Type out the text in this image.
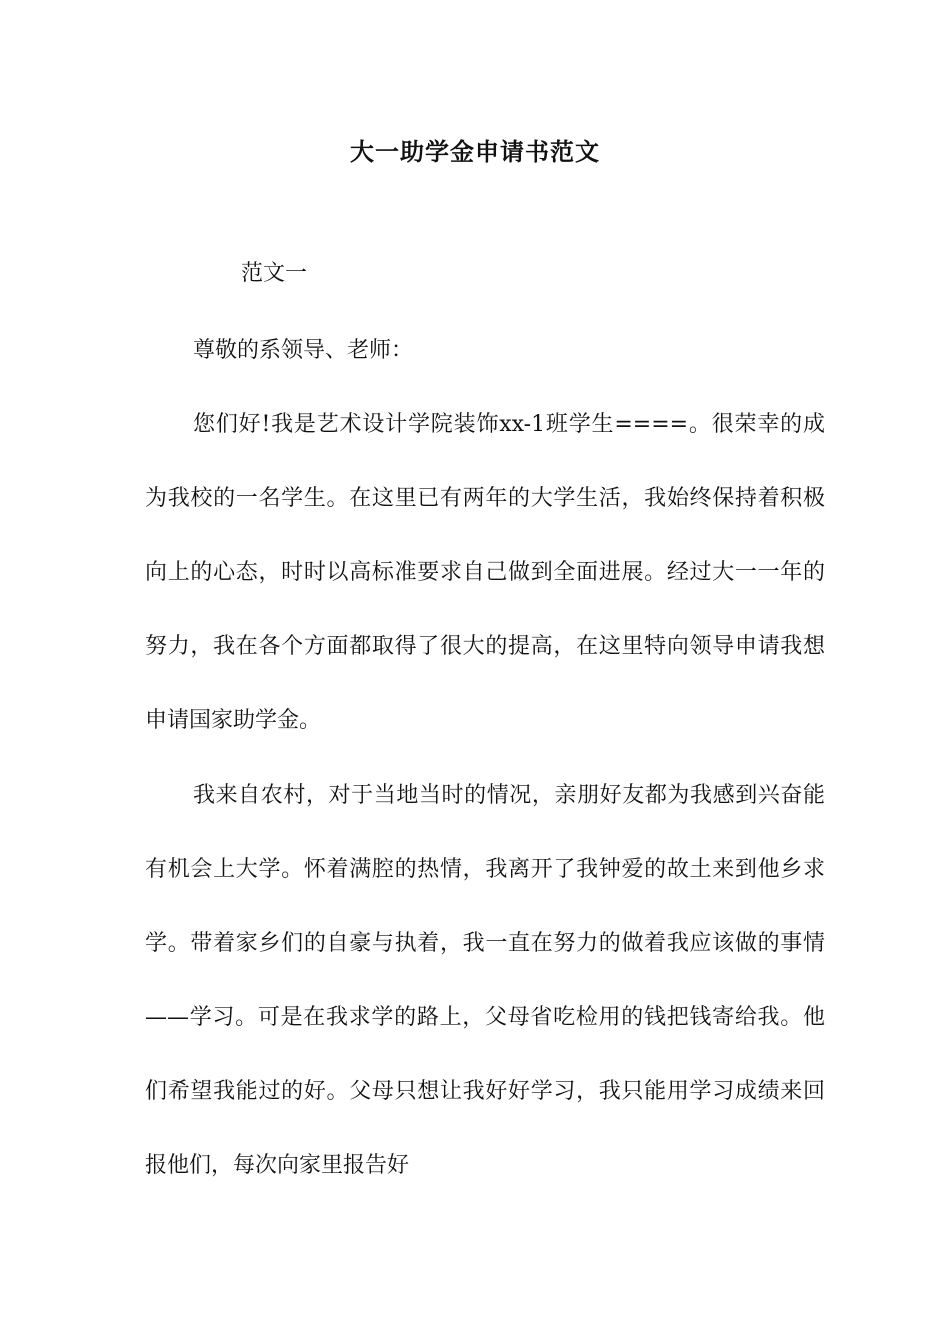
大一助学金申请书范文
范文一
尊敬的系领导、老师：

您们好!我是艺术设计学院装饰xx-1班学生====。很荣幸的成为我校的一名学生。在这里已有两年的大学生活，我始终保持着积极向上的心态，时时以高标准要求自己做到全面进展。经过大一一年的努力，我在各个方面都取得了很大的提高，在这里特向领导申请我想申请国家助学金。

我来自农村，对于当地当时的情况，亲朋好友都为我感到兴奋能有机会上大学。怀着满腔的热情，我离开了我钟爱的故土来到他乡求学。带着家乡们的自豪与执着，我一直在努力的做着我应该做的事情——学习。可是在我求学的路上，父母省吃检用的钱把钱寄给我。他们希望我能过的好。父母只想让我好好学习，我只能用学习成绩来回报他们，每次向家里报告好
